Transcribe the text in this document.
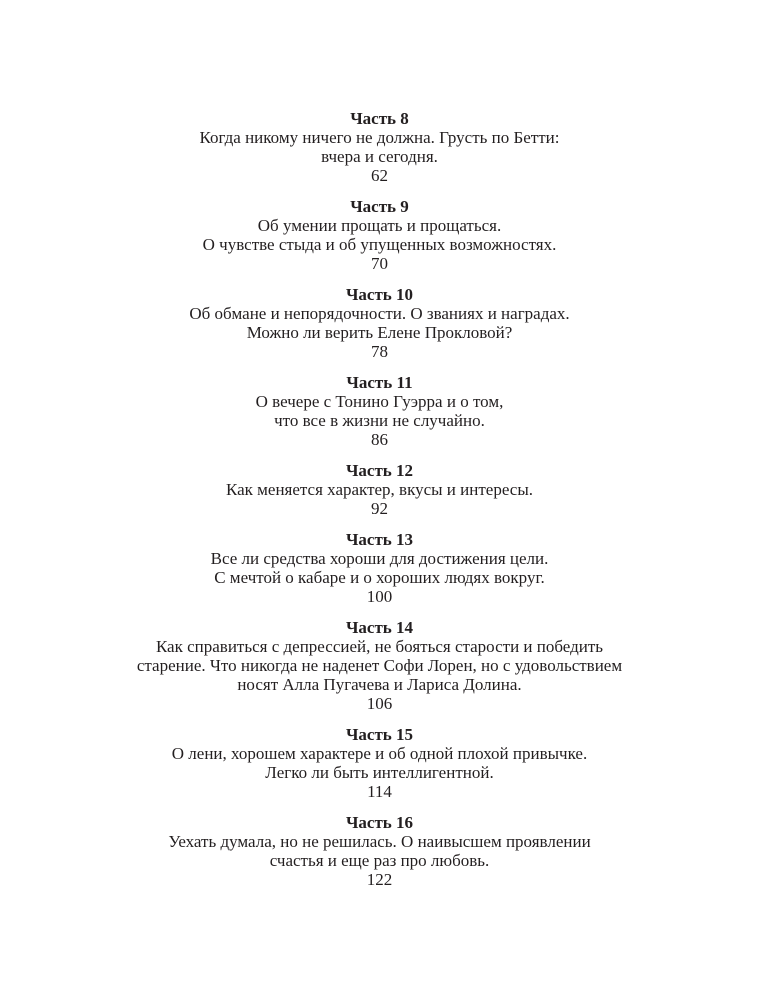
Часть 8
Когда никому ничего не должна. Грусть по Бетти:
вчера и сегодня.
62
Часть 9
Об умении прощать и прощаться.
О чувстве стыда и об упущенных возможностях.
70
Часть 10
Об обмане и непорядочности. О званиях и наградах.
Можно ли верить Елене Прокловой?
78
Часть 11
О вечере с Тонино Гуэрра и о том,
что все в жизни не случайно.
86
Часть 12
Как меняется характер, вкусы и интересы.
92
Часть 13
Все ли средства хороши для достижения цели.
С мечтой о кабаре и о хороших людях вокруг.
100
Часть 14
Как справиться с депрессией, не бояться старости и победить
старение. Что никогда не наденет Софи Лорен, но с удовольствием
носят Алла Пугачева и Лариса Долина.
106
Часть 15
О лени, хорошем характере и об одной плохой привычке.
Легко ли быть интеллигентной.
114
Часть 16
Уехать думала, но не решилась. О наивысшем проявлении
счастья и еще раз про любовь.
122
